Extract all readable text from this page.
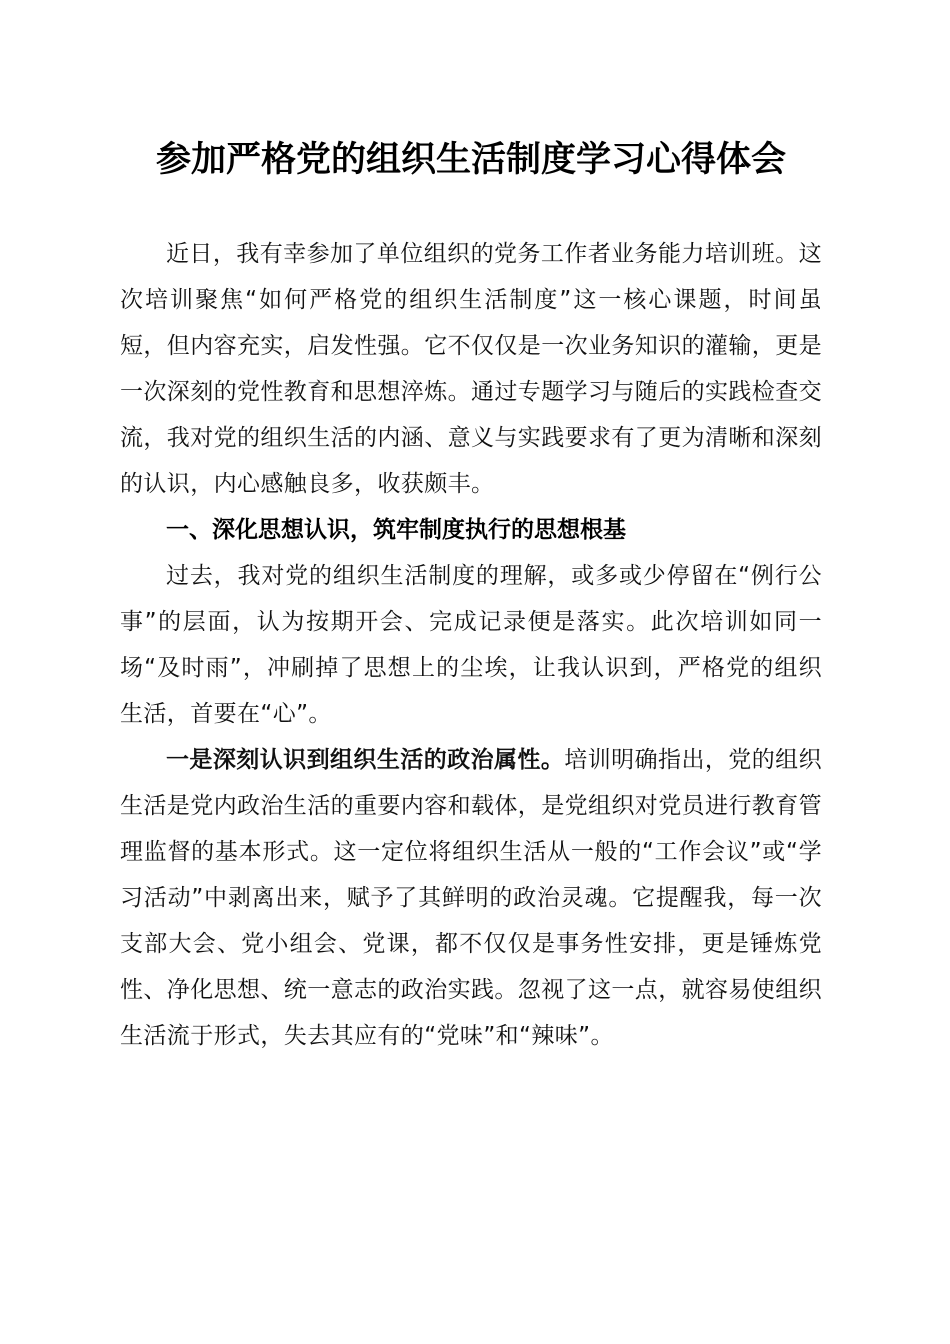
参加严格党的组织生活制度学习心得体会

近日，我有幸参加了单位组织的党务工作者业务能力培训班。这次培训聚焦“如何严格党的组织生活制度”这一核心课题，时间虽短，但内容充实，启发性强。它不仅仅是一次业务知识的灌输，更是一次深刻的党性教育和思想淬炼。通过专题学习与随后的实践检查交流，我对党的组织生活的内涵、意义与实践要求有了更为清晰和深刻的认识，内心感触良多，收获颇丰。

一、深化思想认识，筑牢制度执行的思想根基

过去，我对党的组织生活制度的理解，或多或少停留在“例行公事”的层面，认为按期开会、完成记录便是落实。此次培训如同一场“及时雨”，冲刷掉了思想上的尘埃，让我认识到，严格党的组织生活，首要在“心”。

一是深刻认识到组织生活的政治属性。培训明确指出，党的组织生活是党内政治生活的重要内容和载体，是党组织对党员进行教育管理监督的基本形式。这一定位将组织生活从一般的“工作会议”或“学习活动”中剥离出来，赋予了其鲜明的政治灵魂。它提醒我，每一次支部大会、党小组会、党课，都不仅仅是事务性安排，更是锤炼党性、净化思想、统一意志的政治实践。忽视了这一点，就容易使组织生活流于形式，失去其应有的“党味”和“辣味”。
